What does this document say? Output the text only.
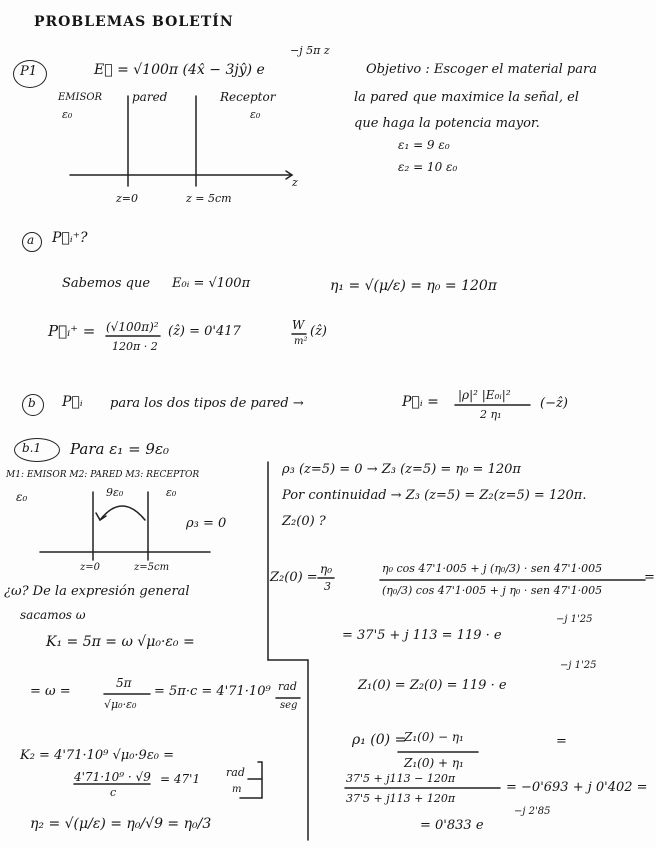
PROBLEMAS BOLETÍN
P1	E⃗ = √100π (4x̂ − 3jŷ) e
−j 5π z
Objetivo : Escoger el material para
la pared que maximice la señal, el
que haga la potencia mayor.
ε₁ = 9 ε₀
ε₂ = 10 ε₀
EMISOR
ε₀
pared	Receptor
ε₀
z
z=0	z = 5cm
a P⃗ᵢ⁺?
Sabemos que E₀ᵢ = √100π	η₁ = √(μ/ε) = η₀ = 120π
P⃗ᵢ⁺ = (√100π)²
120π · 2
(ẑ) = 0'417	W
m²
(ẑ)
b P⃗ᵢ para los dos tipos de pared →	P⃗ᵢ = |ρ|² |E₀ᵢ|²
2 η₁
(−ẑ)
b.1 Para ε₁ = 9ε₀
M1: EMISOR M2: PARED M3: RECEPTOR
ε₀	9ε₀	ε₀
ρ₃ = 0
z=0	z=5cm
¿ω? De la expresión general
sacamos ω
K₁ = 5π = ω √μ₀·ε₀ =
= ω =
5π
√μ₀·ε₀
= 5π·c = 4'71·10⁹ rad
seg
K₂ = 4'71·10⁹ √μ₀·9ε₀ =
4'71·10⁹ · √9
c
= 47'1 rad
m
η₂ = √(μ/ε) = η₀/√9 = η₀/3
ρ₃ (z=5) = 0 → Z₃ (z=5) = η₀ = 120π
Por continuidad → Z₃ (z=5) = Z₂(z=5) = 120π.
Z₂(0) ?
Z₂(0) =
η₀
3
η₀ cos 47'1·005 + j (η₀/3) · sen 47'1·005
(η₀/3) cos 47'1·005 + j η₀ · sen 47'1·005
=
= 37'5 + j 113 = 119 · e
−j 1'25
Z₁(0) = Z₂(0) = 119 · e
−j 1'25
ρ₁ (0) =
Z₁(0) − η₁
Z₁(0) + η₁
=
37'5 + j113 − 120π
37'5 + j113 + 120π
= −0'693 + j 0'402 =
= 0'833 e
−j 2'85
